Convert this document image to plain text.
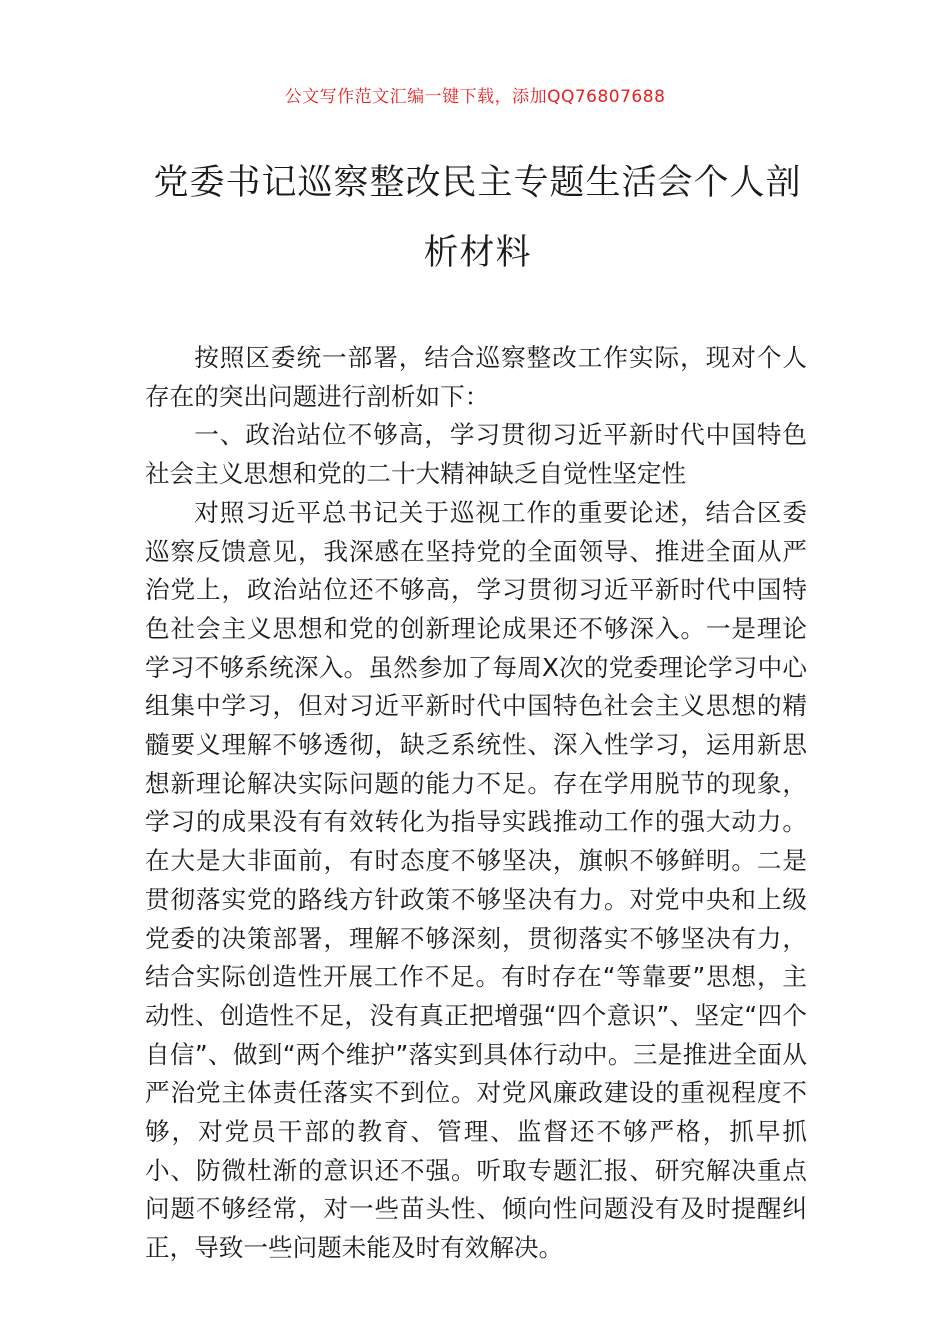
公文写作范文汇编一键下载，添加QQ76807688
党委书记巡察整改民主专题生活会个人剖析材料

按照区委统一部署，结合巡察整改工作实际，现对个人存在的突出问题进行剖析如下：

一、政治站位不够高，学习贯彻习近平新时代中国特色社会主义思想和党的二十大精神缺乏自觉性坚定性

对照习近平总书记关于巡视工作的重要论述，结合区委巡察反馈意见，我深感在坚持党的全面领导、推进全面从严治党上，政治站位还不够高，学习贯彻习近平新时代中国特色社会主义思想和党的创新理论成果还不够深入。一是理论学习不够系统深入。虽然参加了每周X次的党委理论学习中心组集中学习，但对习近平新时代中国特色社会主义思想的精髓要义理解不够透彻，缺乏系统性、深入性学习，运用新思想新理论解决实际问题的能力不足。存在学用脱节的现象，学习的成果没有有效转化为指导实践推动工作的强大动力。在大是大非面前，有时态度不够坚决，旗帜不够鲜明。二是贯彻落实党的路线方针政策不够坚决有力。对党中央和上级党委的决策部署，理解不够深刻，贯彻落实不够坚决有力，结合实际创造性开展工作不足。有时存在“等靠要”思想，主动性、创造性不足，没有真正把增强“四个意识”、坚定“四个自信”、做到“两个维护”落实到具体行动中。三是推进全面从严治党主体责任落实不到位。对党风廉政建设的重视程度不够，对党员干部的教育、管理、监督还不够严格，抓早抓小、防微杜渐的意识还不强。听取专题汇报、研究解决重点问题不够经常，对一些苗头性、倾向性问题没有及时提醒纠正，导致一些问题未能及时有效解决。
